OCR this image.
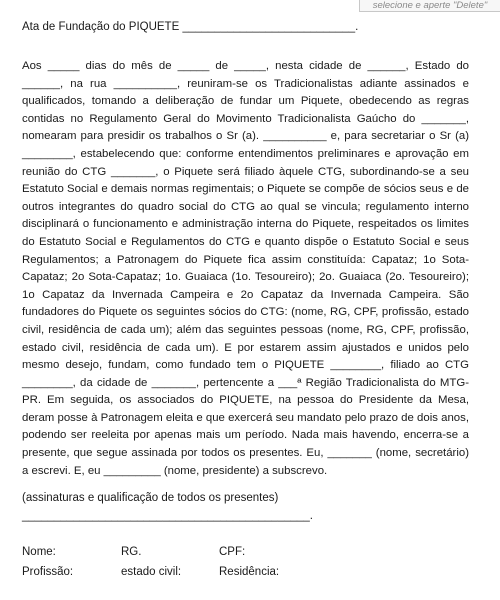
selecione e aperte "Delete"
Ata de Fundação do PIQUETE ___________________________.

Aos _____ dias do mês de _____ de _____, nesta cidade de ______, Estado do ______, na rua __________, reuniram-se os Tradicionalistas adiante assinados e qualificados, tomando a deliberação de fundar um Piquete, obedecendo as regras contidas no Regulamento Geral do Movimento Tradicionalista Gaúcho do _______, nomearam para presidir os trabalhos o Sr (a). __________ e, para secretariar o Sr (a) ________, estabelecendo que: conforme entendimentos preliminares e aprovação em reunião do CTG _______, o Piquete será filiado àquele CTG, subordinando-se a seu Estatuto Social e demais normas regimentais; o Piquete se compõe de sócios seus e de outros integrantes do quadro social do CTG ao qual se vincula; regulamento interno disciplinará o funcionamento e administração interna do Piquete, respeitados os limites do Estatuto Social e Regulamentos do CTG e quanto dispõe o Estatuto Social e seus Regulamentos; a Patronagem do Piquete fica assim constituída: Capataz; 1o Sota-Capataz; 2o Sota-Capataz; 1o. Guaiaca (1o. Tesoureiro); 2o. Guaiaca (2o. Tesoureiro); 1o Capataz da Invernada Campeira e 2o Capataz da Invernada Campeira. São fundadores do Piquete os seguintes sócios do CTG: (nome, RG, CPF, profissão, estado civil, residência de cada um); além das seguintes pessoas (nome, RG, CPF, profissão, estado civil, residência de cada um). E por estarem assim ajustados e unidos pelo mesmo desejo, fundam, como fundado tem o PIQUETE ________, filiado ao CTG ________, da cidade de _______, pertencente a ___ª Região Tradicionalista do MTG-PR. Em seguida, os associados do PIQUETE, na pessoa do Presidente da Mesa, deram posse à Patronagem eleita e que exercerá seu mandato pelo prazo de dois anos, podendo ser reeleita por apenas mais um período. Nada mais havendo, encerra-se a presente, que segue assinada por todos os presentes. Eu, _______ (nome, secretário) a escrevi. E, eu _________ (nome, presidente) a subscrevo.

(assinaturas e qualificação de todos os presentes)

_____________________________________________.

Nome:	RG.	CPF:
Profissão:	estado civil:	Residência:
